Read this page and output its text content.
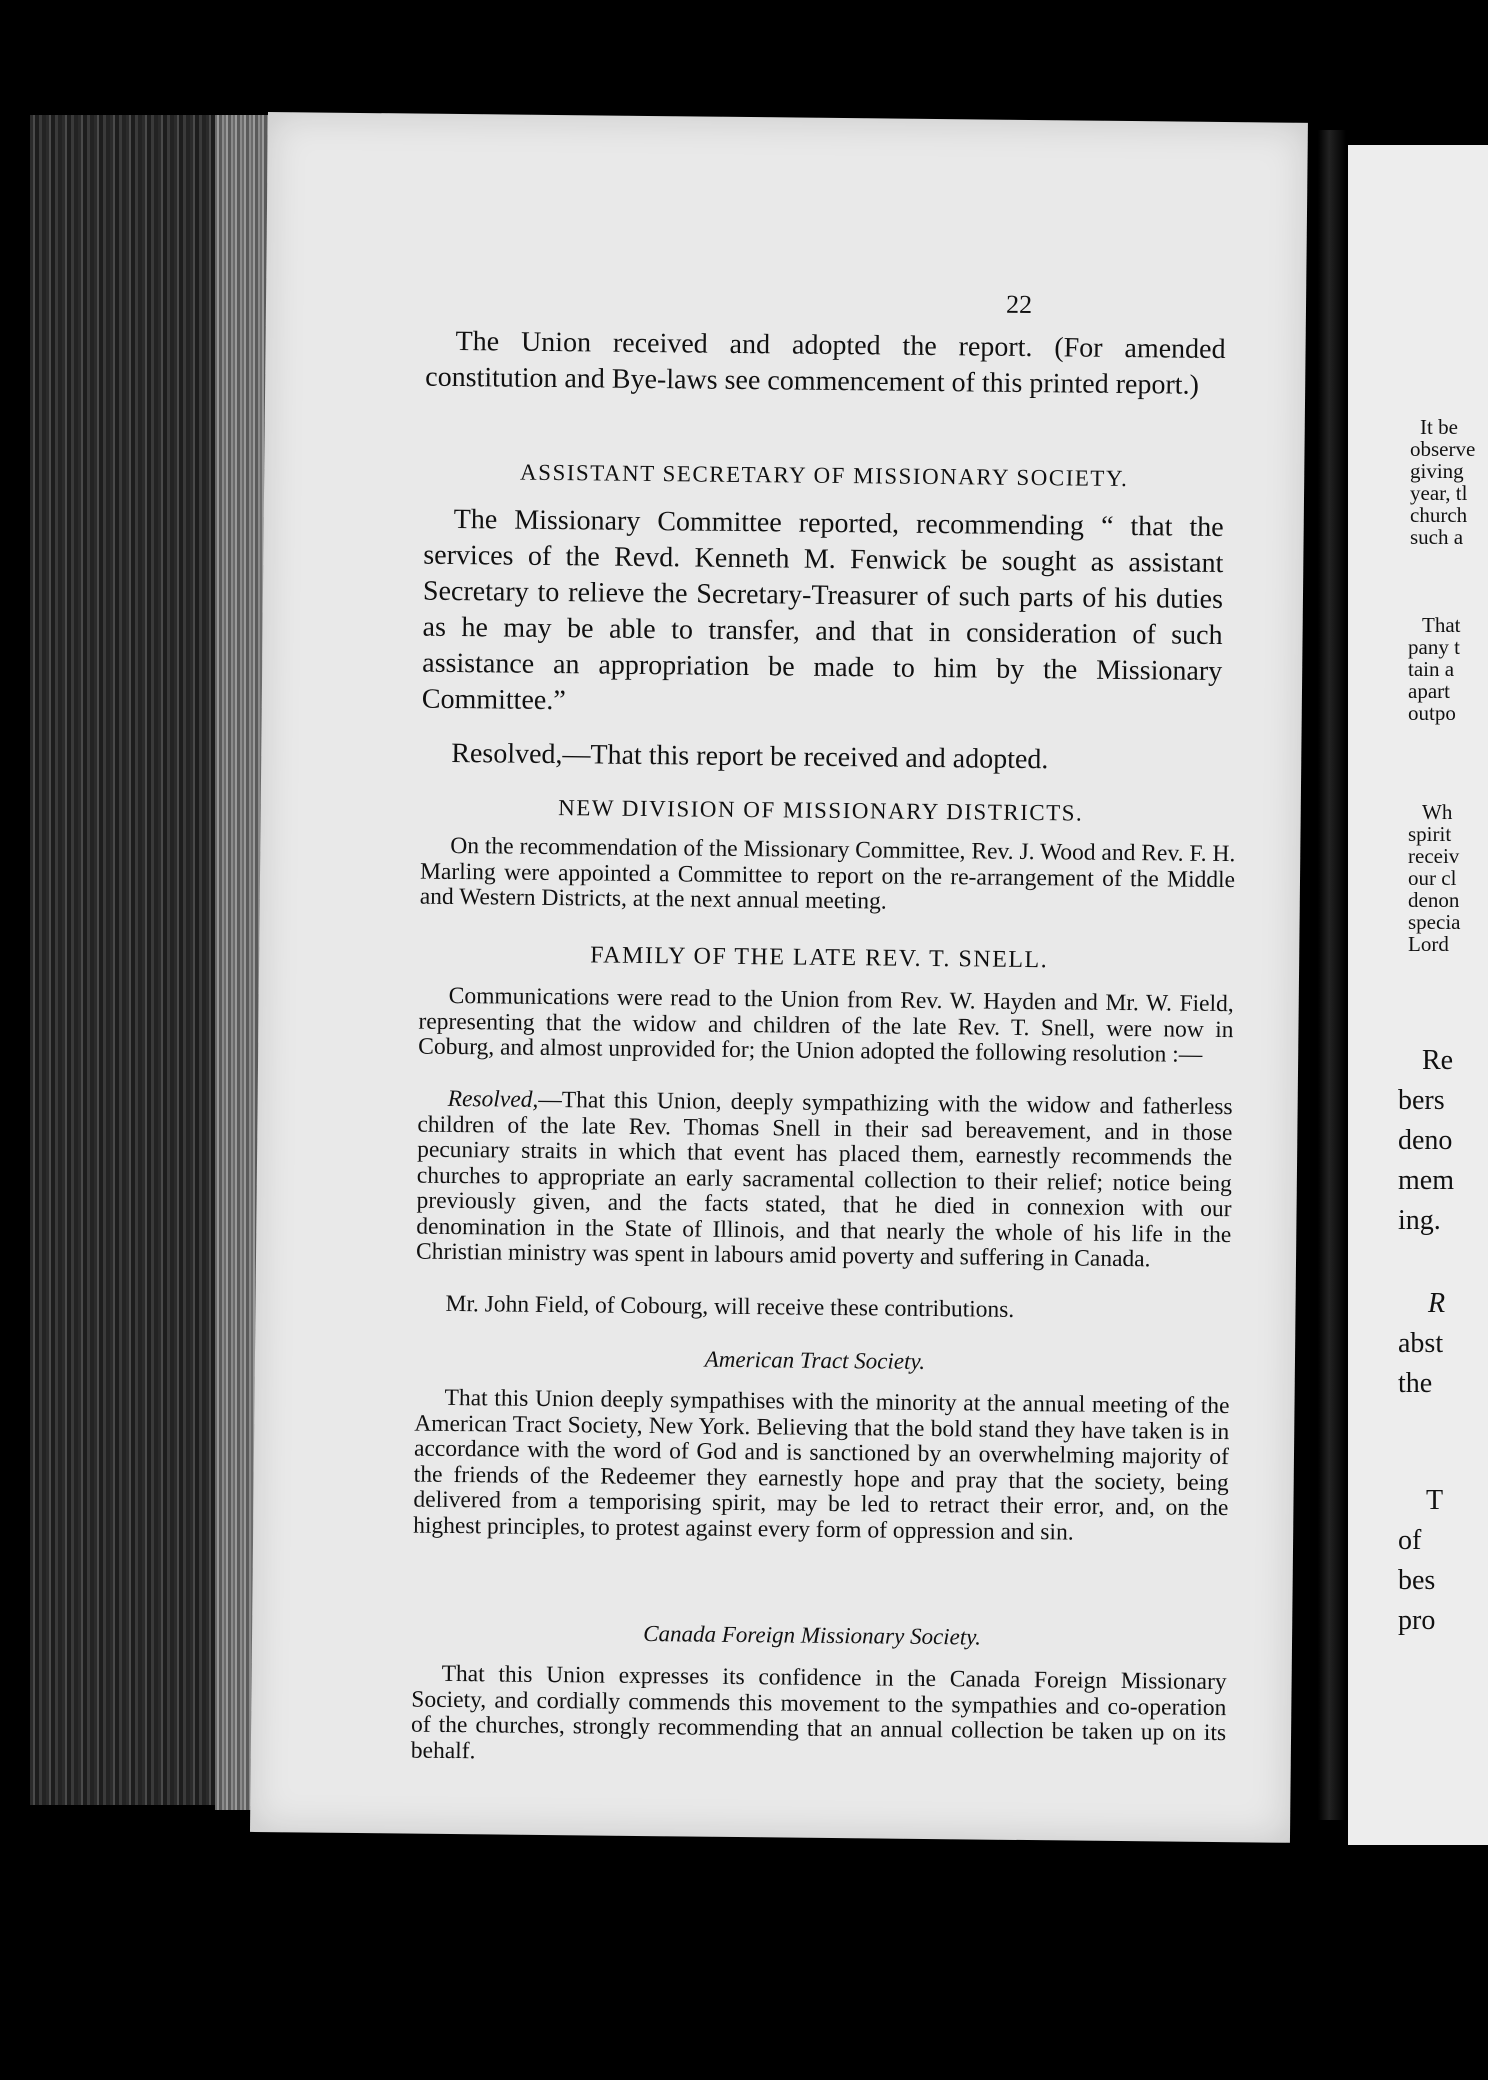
22
The Union received and adopted the report. (For amended constitution and Bye-laws see commencement of this printed report.)
ASSISTANT SECRETARY OF MISSIONARY SOCIETY.
The Missionary Committee reported, recommending “ that the services of the Revd. Kenneth M. Fenwick be sought as assistant Secretary to relieve the Secretary-Treasurer of such parts of his duties as he may be able to transfer, and that in consideration of such assistance an appropriation be made to him by the Missionary Committee.”
Resolved,—That this report be received and adopted.
NEW DIVISION OF MISSIONARY DISTRICTS.
On the recommendation of the Missionary Committee, Rev. J. Wood and Rev. F. H. Marling were appointed a Committee to report on the re-arrangement of the Middle and Western Districts, at the next annual meeting.
FAMILY OF THE LATE REV. T. SNELL.
Communications were read to the Union from Rev. W. Hayden and Mr. W. Field, representing that the widow and children of the late Rev. T. Snell, were now in Coburg, and almost unprovided for; the Union adopted the following resolution :—
Resolved,—That this Union, deeply sympathizing with the widow and fatherless children of the late Rev. Thomas Snell in their sad bereavement, and in those pecuniary straits in which that event has placed them, earnestly recommends the churches to appropriate an early sacramental collection to their relief; notice being previously given, and the facts stated, that he died in connexion with our denomination in the State of Illinois, and that nearly the whole of his life in the Christian ministry was spent in labours amid poverty and suffering in Canada.
Mr. John Field, of Cobourg, will receive these contributions.
American Tract Society.
That this Union deeply sympathises with the minority at the annual meeting of the American Tract Society, New York. Believing that the bold stand they have taken is in accordance with the word of God and is sanctioned by an overwhelming majority of the friends of the Redeemer they earnestly hope and pray that the society, being delivered from a temporising spirit, may be led to retract their error, and, on the highest principles, to protest against every form of oppression and sin.
Canada Foreign Missionary Society.
That this Union expresses its confidence in the Canada Foreign Missionary Society, and cordially commends this movement to the sympathies and co-operation of the churches, strongly recommending that an annual collection be taken up on its behalf.
It be
observe
giving
year, tl
church
such a
That
pany t
tain a
apart
outpo
Wh
spirit
receiv
our cl
denon
specia
Lord
Re
bers
deno
mem
ing.
R
abst
the
T
of
bes
pro
